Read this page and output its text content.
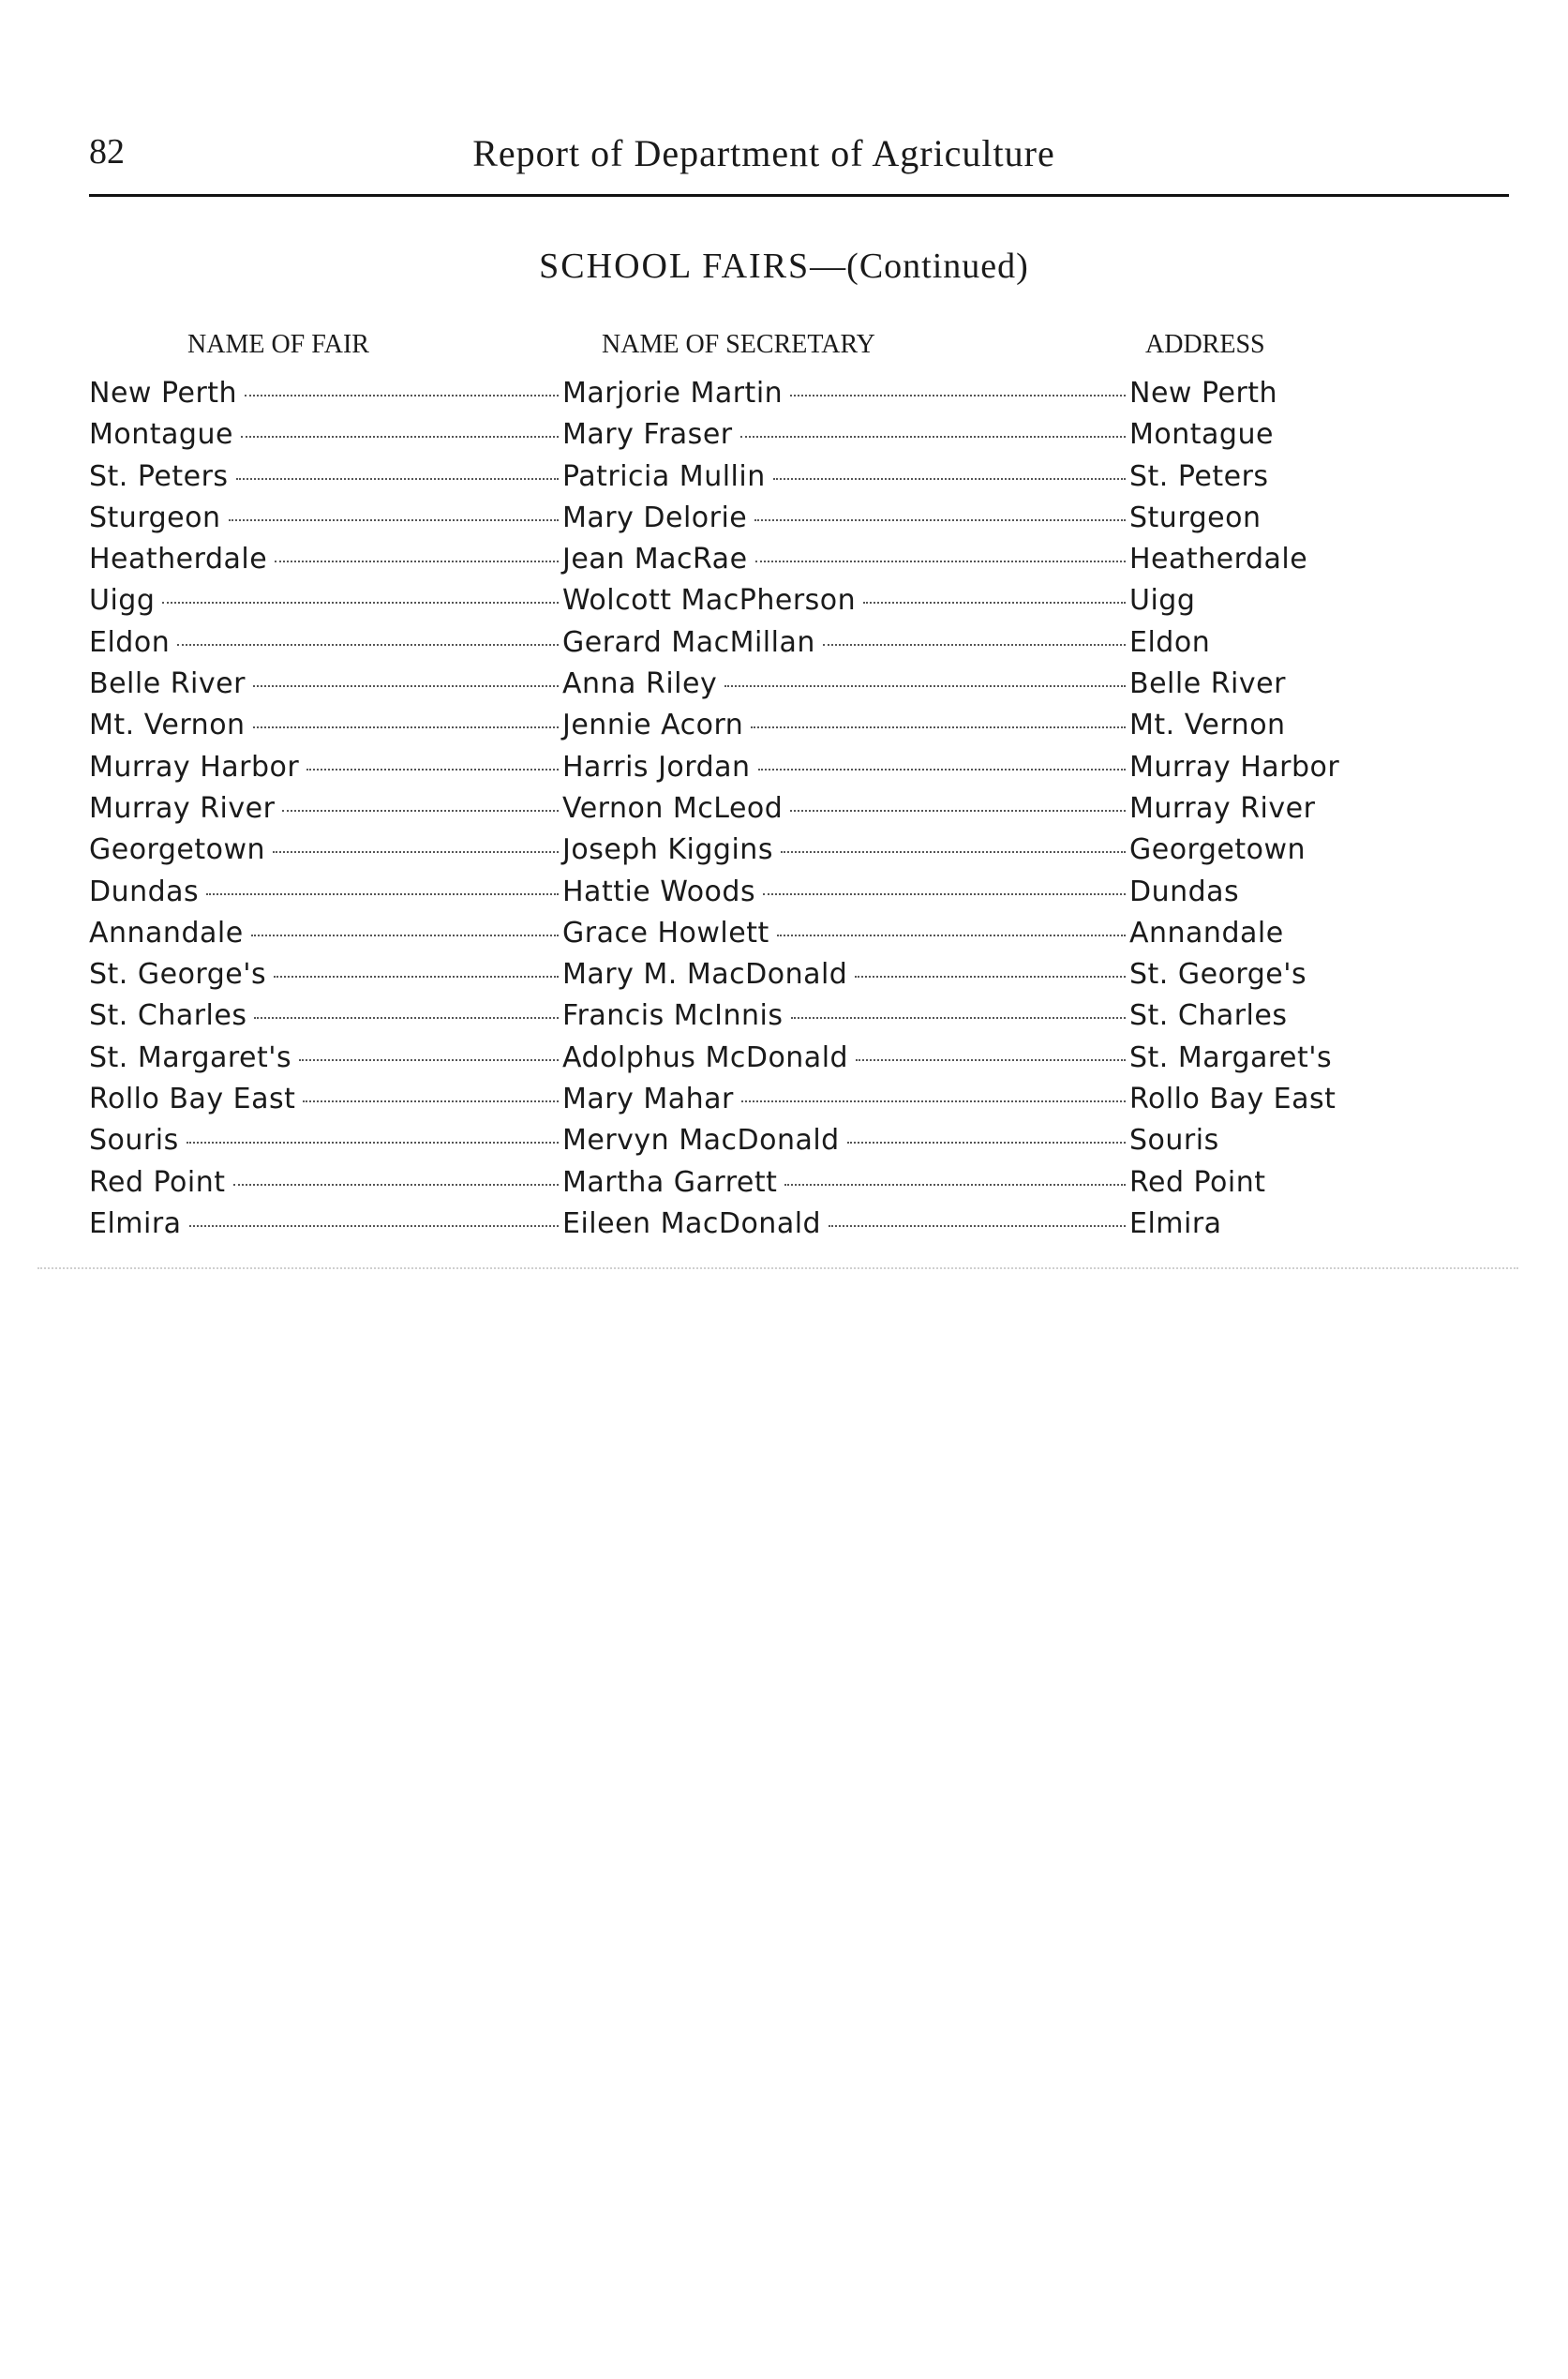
82	Report of Department of Agriculture
SCHOOL FAIRS—(Continued)
NAME OF FAIR	NAME OF SECRETARY	ADDRESS
New Perth	Marjorie Martin	New Perth
Montague	Mary Fraser	Montague
St. Peters	Patricia Mullin	St. Peters
Sturgeon	Mary Delorie	Sturgeon
Heatherdale	Jean MacRae	Heatherdale
Uigg	Wolcott MacPherson	Uigg
Eldon	Gerard MacMillan	Eldon
Belle River	Anna Riley	Belle River
Mt. Vernon	Jennie Acorn	Mt. Vernon
Murray Harbor	Harris Jordan	Murray Harbor
Murray River	Vernon McLeod	Murray River
Georgetown	Joseph Kiggins	Georgetown
Dundas	Hattie Woods	Dundas
Annandale	Grace Howlett	Annandale
St. George's	Mary M. MacDonald	St. George's
St. Charles	Francis McInnis	St. Charles
St. Margaret's	Adolphus McDonald	St. Margaret's
Rollo Bay East	Mary Mahar	Rollo Bay East
Souris	Mervyn MacDonald	Souris
Red Point	Martha Garrett	Red Point
Elmira	Eileen MacDonald	Elmira
